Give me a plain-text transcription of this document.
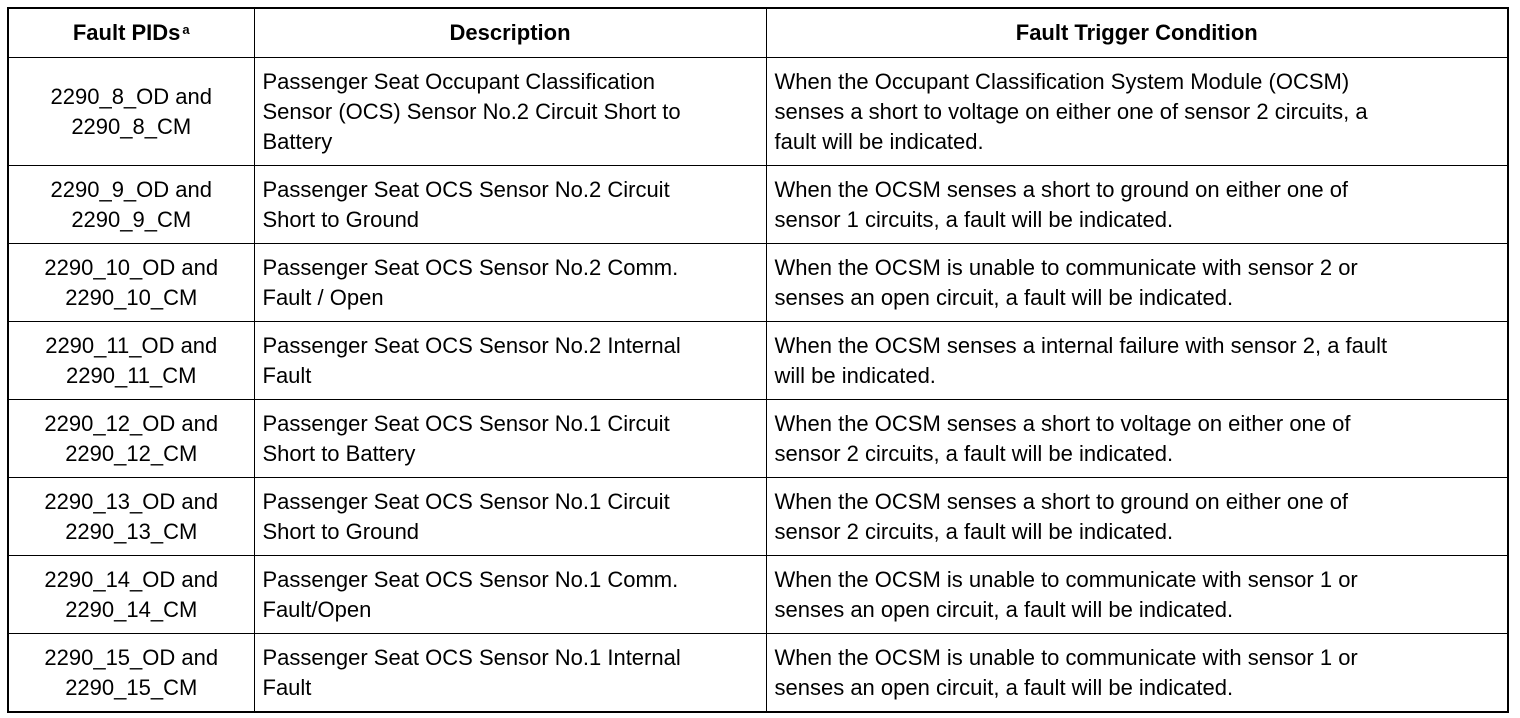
Fault PIDs $^a$	Description	Fault Trigger Condition

2290_8_OD and
2290_8_CM	Passenger Seat Occupant Classification
Sensor (OCS) Sensor No.2 Circuit Short to
Battery	When the Occupant Classification System Module (OCSM)
senses a short to voltage on either one of sensor 2 circuits, a
fault will be indicated.

2290_9_OD and
2290_9_CM	Passenger Seat OCS Sensor No.2 Circuit
Short to Ground	When the OCSM senses a short to ground on either one of
sensor 1 circuits, a fault will be indicated.

2290_10_OD and
2290_10_CM	Passenger Seat OCS Sensor No.2 Comm.
Fault / Open	When the OCSM is unable to communicate with sensor 2 or
senses an open circuit, a fault will be indicated.

2290_11_OD and
2290_11_CM	Passenger Seat OCS Sensor No.2 Internal
Fault	When the OCSM senses a internal failure with sensor 2, a fault
will be indicated.

2290_12_OD and
2290_12_CM	Passenger Seat OCS Sensor No.1 Circuit
Short to Battery	When the OCSM senses a short to voltage on either one of
sensor 2 circuits, a fault will be indicated.

2290_13_OD and
2290_13_CM	Passenger Seat OCS Sensor No.1 Circuit
Short to Ground	When the OCSM senses a short to ground on either one of
sensor 2 circuits, a fault will be indicated.

2290_14_OD and
2290_14_CM	Passenger Seat OCS Sensor No.1 Comm.
Fault/Open	When the OCSM is unable to communicate with sensor 1 or
senses an open circuit, a fault will be indicated.

2290_15_OD and
2290_15_CM	Passenger Seat OCS Sensor No.1 Internal
Fault	When the OCSM is unable to communicate with sensor 1 or
senses an open circuit, a fault will be indicated.
